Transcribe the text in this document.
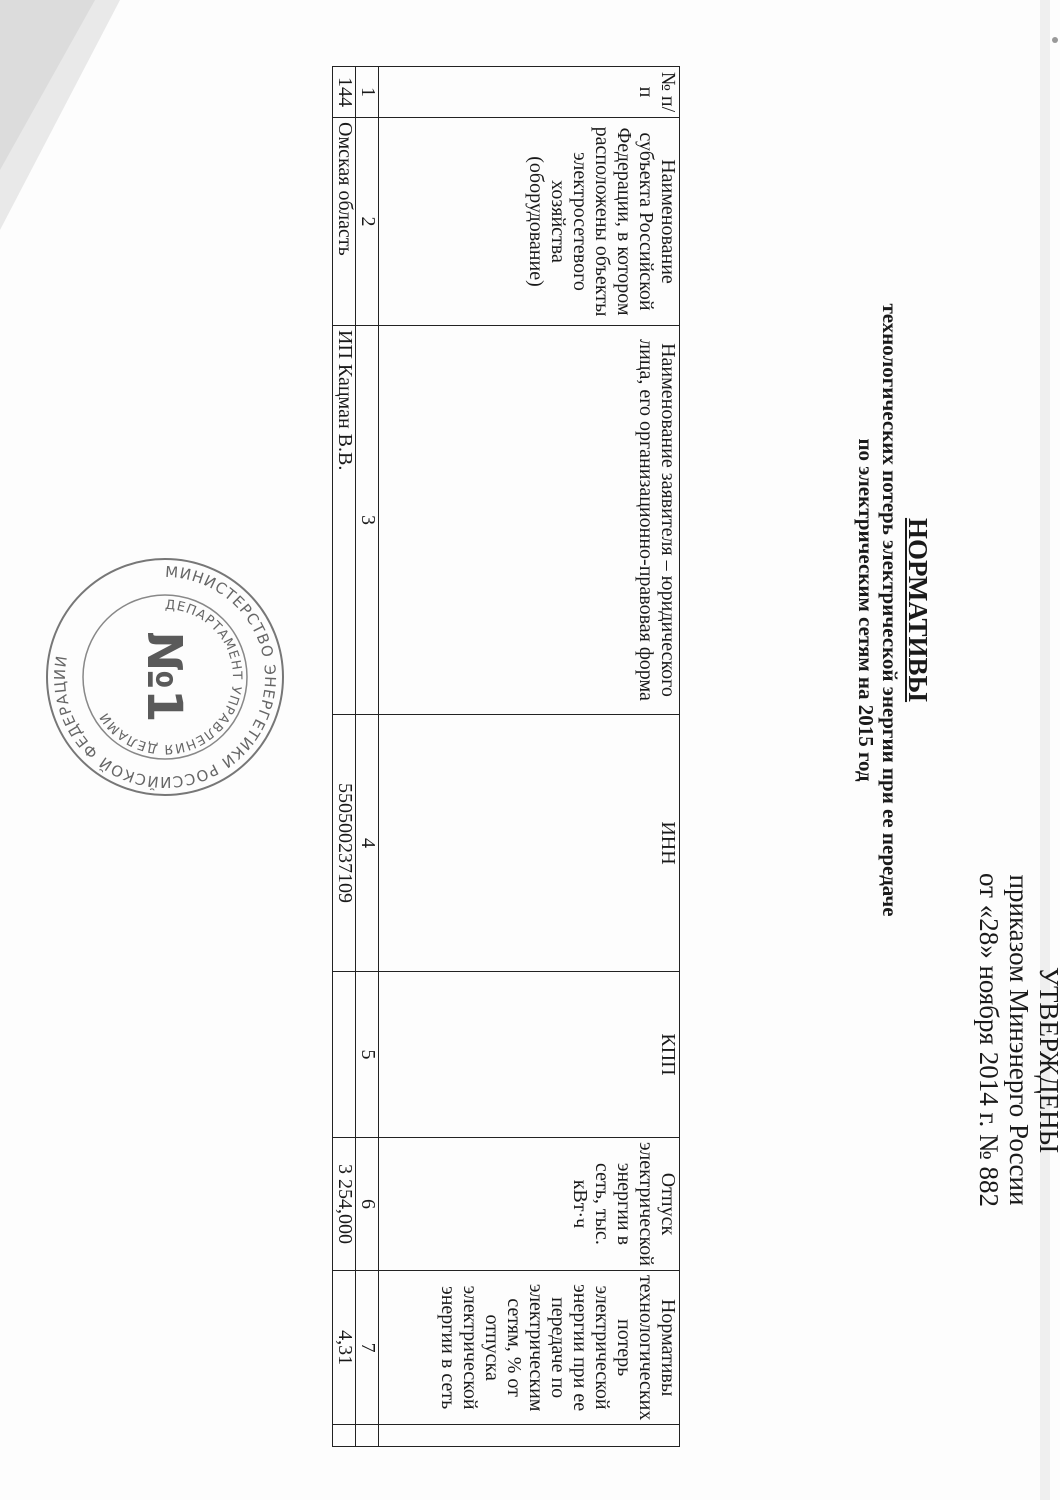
УТВЕРЖДЕНЫ
приказом Минэнерго России
от «28» ноября 2014 г. № 882
МИНИСТЕРСТВО ЭНЕРГЕТИКИ РОССИЙСКОЙ ФЕДЕРАЦИИ
ДЕПАРТАМЕНТ УПРАВЛЕНИЯ ДЕЛАМИ №1	НОРМАТИВЫ
технологических потерь электрической энергии при ее передаче
по электрическим сетям на 2015 год
№ п/п	Наименование субъекта Российской Федерации, в котором расположены объекты электросетевого хозяйства (оборудование)	Наименование заявителя – юридического лица, его организационно-правовая форма	ИНН	КПП	Отпуск электрической энергии в сеть, тыс. кВт·ч	Нормативы технологических потерь электрической энергии при ее передаче по электрическим сетям, % от отпуска электрической энергии в сеть	
1	2	3	4	5	6	7	
144	Омская область	ИП Кацман В.В.	550500237109		3 254,000	4,31	
